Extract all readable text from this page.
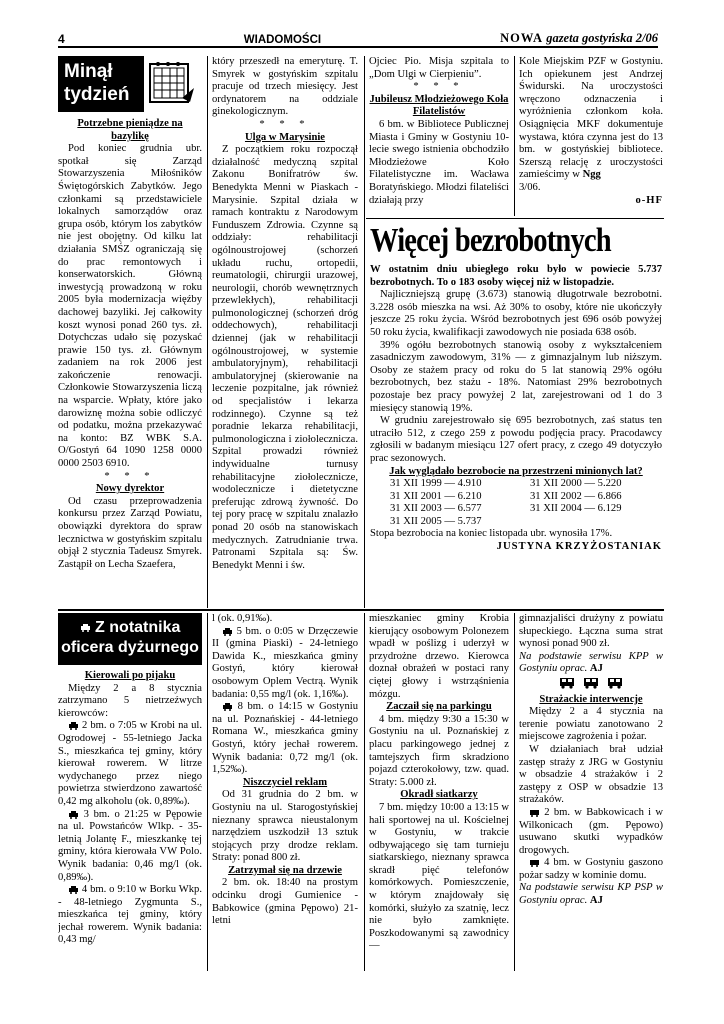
4	WIADOMOŚCI	NOWA gazeta gostyńska 2/06
Minął
tydzień

Potrzebne pieniądze na bazylikę

Pod koniec grudnia ubr. spotkał się Zarząd Stowarzyszenia Miłośników Świętogórskich Zabytków. Jego członkami są przedstawiciele lokalnych samorządów oraz grupa osób, którym los zabytków nie jest obojętny. Od kilku lat działania SMŚZ ograniczają się do prac remontowych i konserwatorskich. Główną inwestycją prowadzoną w roku 2005 była modernizacja więźby dachowej bazyliki. Jej całkowity koszt wynosi ponad 260 tys. zł. Dotychczas udało się pozyskać prawie 150 tys. zł. Głównym zadaniem na rok 2006 jest zakończenie renowacji. Członkowie Stowarzyszenia liczą na wsparcie. Wpłaty, które jako darowiznę można sobie odliczyć od podatku, można przekazywać na konto: BZ WBK S.A. O/Gostyń 64 1090 1258 0000 0000 2503 6910.

* * *

Nowy dyrektor

Od czasu przeprowadzenia konkursu przez Zarząd Powiatu, obowiązki dyrektora do spraw lecznictwa w gostyńskim szpitalu objął 2 stycznia Tadeusz Smyrek. Zastąpił on Lecha Szaefera,

który przeszedł na emeryturę. T. Smyrek w gostyńskim szpitalu pracuje od trzech miesięcy. Jest ordynatorem na oddziale ginekologicznym.

* * *

Ulga w Marysinie

Z początkiem roku rozpoczął działalność medyczną szpital Zakonu Bonifratrów św. Benedykta Menni w Piaskach - Marysinie. Szpital działa w ramach kontraktu z Narodowym Funduszem Zdrowia. Czynne są oddziały: rehabilitacji ogólnoustrojowej (schorzeń układu ruchu, ortopedii, reumatologii, chirurgii urazowej, neurologii, chorób wewnętrznych przewlekłych), rehabilitacji pulmonologicznej (schorzeń dróg oddechowych), rehabilitacji dziennej (jak w rehabilitacji ogólnoustrojowej, w systemie ambulatoryjnym), rehabilitacji ambulatoryjnej (skierowanie na leczenie pozpitalne, jak również od specjalistów i lekarza rodzinnego). Czynne są też poradnie lekarza rehabilitacji, pulmonologiczna i ziołolecznicza. Szpital prowadzi również indywidualne turnusy rehabilitacyjne ziołolecznicze, wodolecznicze i dietetyczne preferując zdrową żywność. Do tej pory pracę w szpitalu znalazło ponad 20 osób na stanowiskach medycznych. Zatrudnianie trwa. Patronami Szpitala są: Św. Benedykt Menni i św.

Ojciec Pio. Misja szpitala to „Dom Ulgi w Cierpieniu”.

* * *

Jubileusz Młodzieżowego Koła Filatelistów

6 bm. w Bibliotece Publicznej Miasta i Gminy w Gostyniu 10-lecie swego istnienia obchodziło Młodzieżowe Koło Filatelistyczne im. Wacława Boratyńskiego. Młodzi filateliści działają przy

Kole Miejskim PZF w Gostyniu. Ich opiekunem jest Andrzej Świdurski. Na uroczystości wręczono odznaczenia i wyróżnienia członkom koła. Osiągnięcia MKF dokumentuje wystawa, która czynna jest do 13 bm. w gostyńskiej bibliotece. Szerszą relację z uroczystości zamieścimy w Ngg
3/06.

o-HF

Więcej bezrobotnych

W ostatnim dniu ubiegłego roku było w powiecie 5.737 bezrobotnych. To o 183 osoby więcej niż w listopadzie.

Najliczniejszą grupę (3.673) stanowią długotrwale bezrobotni. 3.228 osób mieszka na wsi. Aż 30% to osoby, które nie ukończyły jeszcze 25 roku życia. Wśród bezrobotnych jest 696 osób powyżej 50 roku życia, kwalifikacji zawodowych nie posiada 638 osób.

39% ogółu bezrobotnych stanowią osoby z wykształceniem zasadniczym zawodowym, 31% — z gimnazjalnym lub niższym. Osoby ze stażem pracy od roku do 5 lat stanowią 29% ogółu bezrobotnych, bez stażu - 18%. Natomiast 29% bezrobotnych pozostaje bez pracy powyżej 2 lat, zarejestrowani od 1 do 3 miesięcy stanowią 19%.

W grudniu zarejestrowało się 695 bezrobotnych, zaś status ten utraciło 512, z czego 259 z powodu podjęcia pracy. Pracodawcy zgłosili w badanym miesiącu 127 ofert pracy, z czego 49 dotyczyło prac sezonowych.

Jak wyglądało bezrobocie na przestrzeni minionych lat?

31 XII 1999 — 4.910	31 XII 2000 — 5.220
31 XII 2001 — 6.210	31 XII 2002 — 6.866
31 XII 2003 — 6.577	31 XII 2004 — 6.129
31 XII 2005 — 5.737

Stopa bezrobocia na koniec listopada ubr. wynosiła 17%.

JUSTYNA KRZYŻOSTANIAK

Z notatnika
oficera dyżurnego

Kierowali po pijaku

Między 2 a 8 stycznia zatrzymano 5 nietrzeźwych kierowców:

2 bm. o 7:05 w Krobi na ul. Ogrodowej - 55-letniego Jacka S., mieszkańca tej gminy, który kierował rowerem. W litrze wydychanego przez niego powietrza stwierdzono zawartość 0,42 mg alkoholu (ok. 0,89‰).

3 bm. o 21:25 w Pępowie na ul. Powstańców Wlkp. - 35-letnią Jolantę F., mieszkankę tej gminy, która kierowała VW Polo. Wynik badania: 0,46 mg/l (ok. 0,89‰).

4 bm. o 9:10 w Borku Wkp. - 48-letniego Zygmunta S., mieszkańca tej gminy, który jechał rowerem. Wynik badania: 0,43 mg/

l (ok. 0,91‰).

5 bm. o 0:05 w Drzęczewie II (gmina Piaski) - 24-letniego Dawida K., mieszkańca gminy Gostyń, który kierował osobowym Oplem Vectrą. Wynik badania: 0,55 mg/l (ok. 1,16‰).

8 bm. o 14:15 w Gostyniu na ul. Poznańskiej - 44-letniego Romana W., mieszkańca gminy Gostyń, który jechał rowerem. Wynik badania: 0,72 mg/l (ok. 1,52‰).

Niszczyciel reklam

Od 31 grudnia do 2 bm. w Gostyniu na ul. Starogostyńskiej nieznany sprawca nieustalonym narzędziem uszkodził 13 sztuk stojących przy drodze reklam. Straty: ponad 800 zł.

Zatrzymał się na drzewie

2 bm. ok. 18:40 na prostym odcinku drogi Gumienice - Babkowice (gmina Pępowo) 21-letni

mieszkaniec gminy Krobia kierujący osobowym Polonezem wpadł w poślizg i uderzył w przydrożne drzewo. Kierowca doznał obrażeń w postaci rany ciętej głowy i wstrząśnienia mózgu.

Zaczaił się na parkingu

4 bm. między 9:30 a 15:30 w Gostyniu na ul. Poznańskiej z placu parkingowego jednej z tamtejszych firm skradziono pojazd czterokołowy, tzw. quad. Straty: 5.000 zł.

Okradł siatkarzy

7 bm. między 10:00 a 13:15 w hali sportowej na ul. Kościelnej w Gostyniu, w trakcie odbywającego się tam turnieju siatkarskiego, nieznany sprawca skradł pięć telefonów komórkowych. Pomieszczenie, w którym znajdowały się komórki, służyło za szatnię, lecz nie było zamknięte. Poszkodowanymi są zawodnicy —

gimnazjaliści drużyny z powiatu słupeckiego. Łączna suma strat wynosi ponad 900 zł.

Na podstawie serwisu KPP w Gostyniu oprac. AJ

Strażackie interwencje

Między 2 a 4 stycznia na terenie powiatu zanotowano 2 miejscowe zagrożenia i pożar.

W działaniach brał udział zastęp straży z JRG w Gostyniu w obsadzie 4 strażaków i 2 zastępy z OSP w obsadzie 13 strażaków.

2 bm. w Babkowicach i w Wilkonicach (gm. Pępowo) usuwano skutki wypadków drogowych.

4 bm. w Gostyniu gaszono pożar sadzy w kominie domu.

Na podstawie serwisu KP PSP w Gostyniu oprac. AJ
